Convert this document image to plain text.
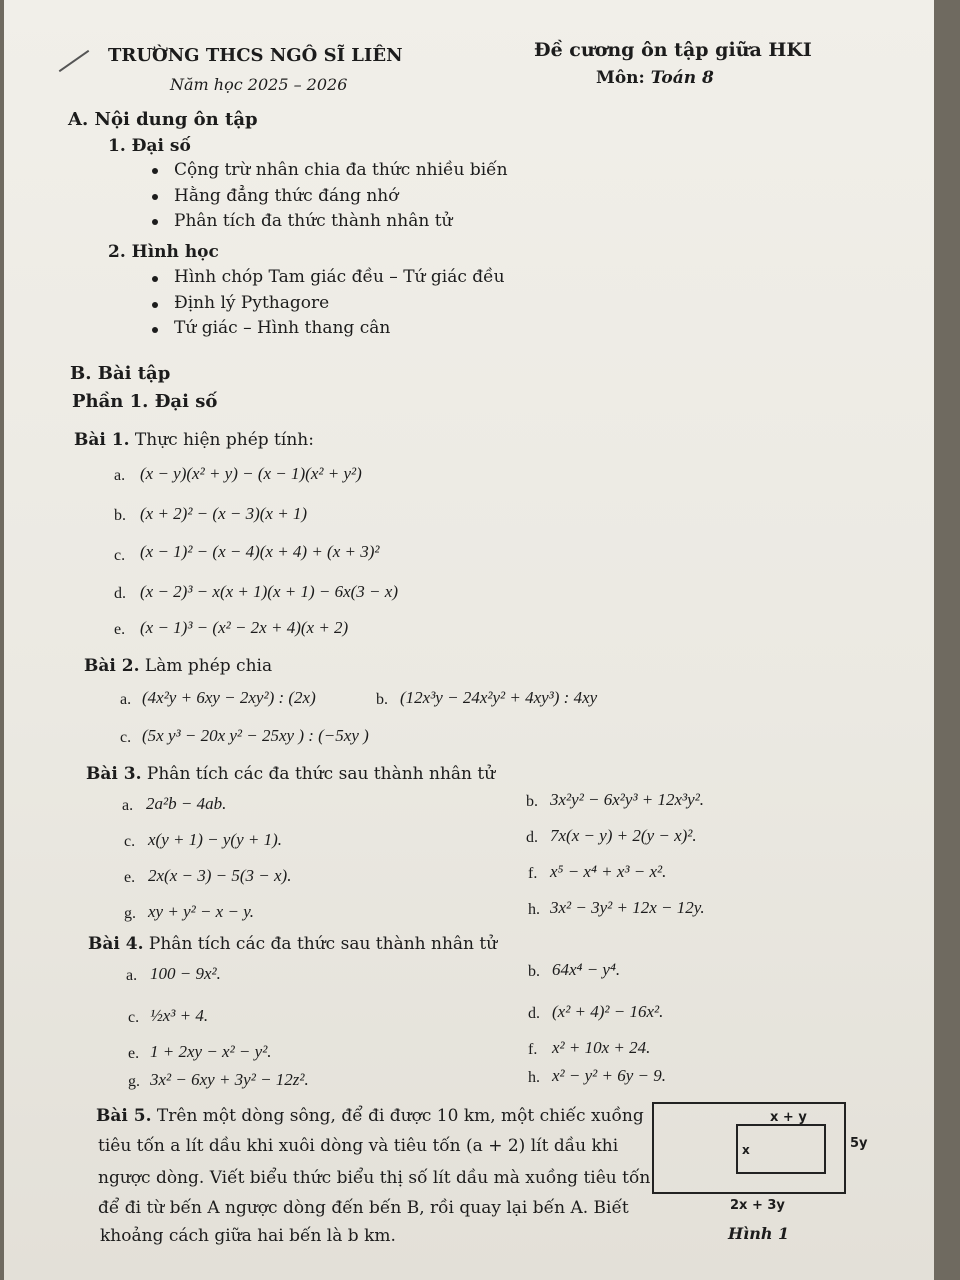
TRƯỜNG THCS NGÔ SĨ LIÊN
Năm học 2025 – 2026
Đề cương ôn tập giữa HKI
Môn: Toán 8
A. Nội dung ôn tập
1. Đại số
Cộng trừ nhân chia đa thức nhiều biến
Hằng đẳng thức đáng nhớ
Phân tích đa thức thành nhân tử
2. Hình học
Hình chóp Tam giác đều – Tứ giác đều
Định lý Pythagore
Tứ giác – Hình thang cân
B. Bài tập
Phần 1. Đại số
Bài 1. Thực hiện phép tính:
a. (x − y)(x² + y) − (x − 1)(x² + y²)
b. (x + 2)² − (x − 3)(x + 1)
c. (x − 1)² − (x − 4)(x + 4) + (x + 3)²
d. (x − 2)³ − x(x + 1)(x + 1) − 6x(3 − x)
e. (x − 1)³ − (x² − 2x + 4)(x + 2)
Bài 2. Làm phép chia
a. (4x²y + 6xy − 2xy²) : (2x)	b. (12x³y − 24x²y² + 4xy³) : 4xy
c. (5x y³ − 20x y² − 25xy ) : (−5xy )
Bài 3. Phân tích các đa thức sau thành nhân tử
a. 2a²b − 4ab.	b. 3x²y² − 6x²y³ + 12x³y².
c. x(y + 1) − y(y + 1).	d. 7x(x − y) + 2(y − x)².
e. 2x(x − 3) − 5(3 − x).	f. x⁵ − x⁴ + x³ − x².
g. xy + y² − x − y.	h. 3x² − 3y² + 12x − 12y.
Bài 4. Phân tích các đa thức sau thành nhân tử
a. 100 − 9x².	b. 64x⁴ − y⁴.
c. ½x³ + 4.	d. (x² + 4)² − 16x².
e. 1 + 2xy − x² − y².	f. x² + 10x + 24.
g. 3x² − 6xy + 3y² − 12z².	h. x² − y² + 6y − 9.
Bài 5. Trên một dòng sông, để đi được 10 km, một chiếc xuồng
tiêu tốn a lít dầu khi xuôi dòng và tiêu tốn (a + 2) lít dầu khi
ngược dòng. Viết biểu thức biểu thị số lít dầu mà xuồng tiêu tốn
để đi từ bến A ngược dòng đến bến B, rồi quay lại bến A. Biết
khoảng cách giữa hai bến là b km.
x + y
x	5y
2x + 3y
Hình 1
